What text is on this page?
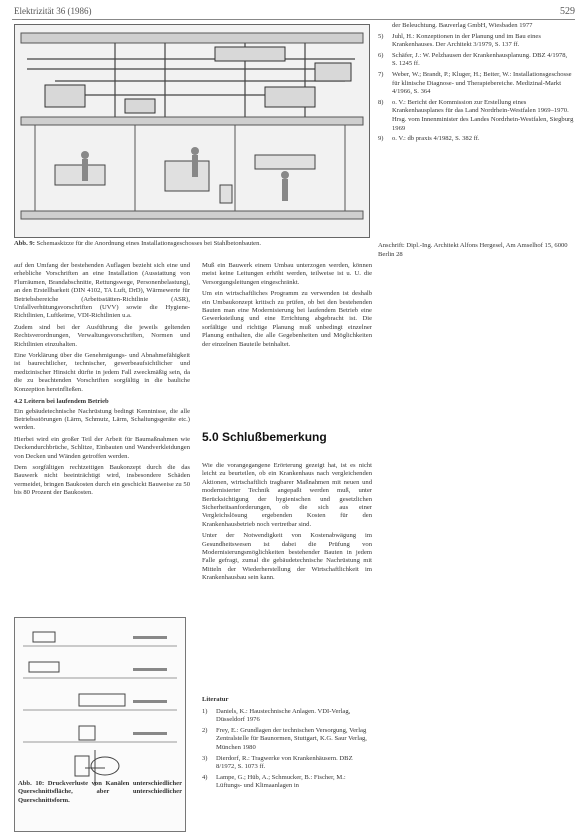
Elektrizität 36 (1986)	529
Abb. 9: Schemaskizze für die Anordnung eines Installationsgeschosses bei Stahlbetonbauten.

auf den Umfang der bestehenden Auflagen bezieht sich eine und erhebliche Vorschriften an eine Installation (Ausstattung von Flurräumen, Brandabschnitte, Rettungswege, Personenbelastung), an den Erstellbarkeit (DIN 4102, TA Luft, DrD), Wärmewerte für Betriebsbereiche (Arbeitsstätten-Richtlinie (ASR), Unfallverhütungsvorschriften (UVV) sowie die Hygiene-Richtlinien, Luftkeime, VDI-Richtlinien u.a.

Zudem sind bei der Ausführung die jeweils geltenden Rechtsverordnungen, Verwaltungsvorschriften, Normen und Richtlinien einzuhalten.

Eine Vorklärung über die Genehmigungs- und Abnahmefähigkeit ist baurechtlicher, technischer, gewerbeaufsichtlicher und medizinischer Hinsicht dürfte in jedem Fall zweckmäßig sein, da die zu beachtenden Vorschriften sorgfältig in die bauliche Konzeption hereinfließen.

4.2 Leitern bei laufendem Betrieb

Ein gebäudetechnische Nachrüstung bedingt Kenntnisse, die alle Betriebsstörungen (Lärm, Schmutz, Lärm, Schaltungsgeräte etc.) werden.

Hierbei wird ein großer Teil der Arbeit für Baumaßnahmen wie Deckendurchbrüche, Schlitze, Einbauten und Wandverkleidungen von Decken und Wänden getroffen werden.

Dem sorgfältigen rechtzeitigen Baukonzept durch die das Bauwerk nicht beeinträchtigt wird, insbesondere Schäden vermeidet, bringen Baukosten durch ein geschickt Bauweise zu 50 bis 80 Prozent der Baukosten.

Abb. 10: Druckverluste von Kanälen unterschiedlicher Querschnittsfläche, aber unterschiedlicher Querschnittsform.

Muß ein Bauwerk einem Umbau unterzogen werden, können meist keine Leitungen erhöht werden, teilweise ist u. U. die Versorgungsleitungen eingeschränkt.

Um ein wirtschaftliches Programm zu verwenden ist deshalb ein Umbaukonzept kritisch zu prüfen, ob bei den bestehenden Bauten man eine Modernisierung bei laufendem Betrieb eine Gewerksteilung und eine Errichtung abgebracht ist. Die sorfältige und richtige Planung muß unbedingt einzelner Planung enthalten, die alle Gegebenheiten und Möglichkeiten der einzelnen Bauteile beinhaltet.

5.0 Schlußbemerkung

Wie die vorangegangene Erörterung gezeigt hat, ist es nicht leicht zu beurteilen, ob ein Krankenhaus nach vergleichenden Aktionen, wirtschaftlich tragbarer Maßnahmen mit neuen und modernisierter Technik angepaßt werden muß, unter Berücksichtigung der hygienischen und gesetzlichen Sicherheitsanforderungen, ob die sich aus einer Vergleichslösung ergebenden Kosten für den Krankenhausbetrieb noch vertretbar sind.

Unter der Notwendigkeit von Kostenabwägung im Gesundheitswesen ist dabei die Prüfung von Modernisierungsmöglichkeiten bestehender Bauten in jedem Falle gefragt, zumal die gebäudetechnische Nachrüstung mit Mitteln der Wiederherstellung der Wirtschaftlichkeit im Krankenhausbau sein kann.

Literatur
1)	Daniels, K.: Haustechnische Anlagen. VDI-Verlag, Düsseldorf 1976
2)	Frey, E.: Grundlagen der technischen Versorgung, Verlag Zentralstelle für Baunormen, Stuttgart, K.G. Saur Verlag, München 1980
3)	Dierdorf, R.: Tragwerke von Krankenhäusern. DBZ 8/1972, S. 1073 ff.
4)	Lampe, G.; Hüb, A.; Schmucker, B.: Fischer, M.: Lüftungs- und Klimaanlagen in
der Beleuchtung. Bauverlag GmbH, Wiesbaden 1977
5)	Juhl, H.: Konzeptionen in der Planung und im Bau eines Krankenhauses. Der Architekt 3/1979, S. 137 ff.
6)	Schäfer, J.: W. Pelzhausen der Krankenhausplanung. DBZ 4/1978, S. 1245 ff.
7)	Weber, W.; Brandt, P.; Kluger, H.; Beiter, W.: Installationsgeschosse für klinische Diagnose- und Therapiebereiche. Medizinal-Markt 4/1966, S. 364
8)	o. V.: Bericht der Kommission zur Erstellung eines Krankenhausplanes für das Land Nordrhein-Westfalen 1969–1970. Hrsg. vom Innenminister des Landes Nordrhein-Westfalen, Siegburg 1969
9)	o. V.: db praxis 4/1982, S. 382 ff.
Anschrift: Dipl.-Ing. Architekt Alfons Hergesel, Am Amselhof 15, 6000 Berlin 28
